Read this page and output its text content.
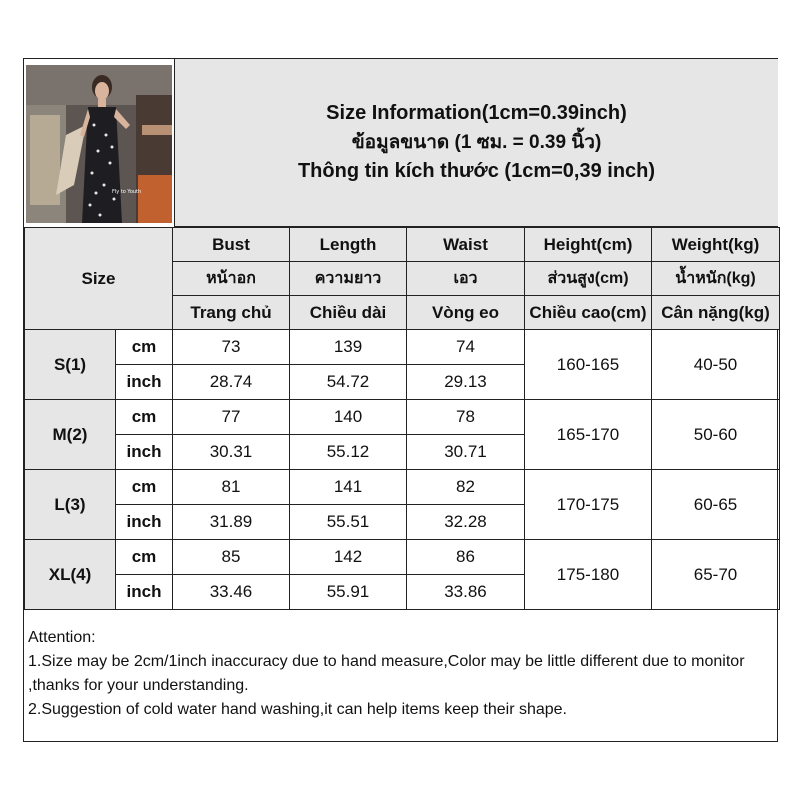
Fly to Youth
Size Information(1cm=0.39inch)
ข้อมูลขนาด (1 ซม. = 0.39 นิ้ว)
Thông tin kích thước (1cm=0,39 inch)
Size		Bust	Length	Waist	Height(cm)	Weight(kg)
		หน้าอก	ความยาว	เอว	ส่วนสูง(cm)	น้ำหนัก(kg)
		Trang chủ	Chiều dài	Vòng eo	Chiều cao(cm)	Cân nặng(kg)
S(1)	cm	73	139	74	160-165	40-50
	inch	28.74	54.72	29.13		
M(2)	cm	77	140	78	165-170	50-60
	inch	30.31	55.12	30.71		
L(3)	cm	81	141	82	170-175	60-65
	inch	31.89	55.51	32.28		
XL(4)	cm	85	142	86	175-180	65-70
	inch	33.46	55.91	33.86		
Attention:
1.Size may be 2cm/1inch inaccuracy due to hand measure,Color may be little different due to monitor ,thanks for your understanding.
2.Suggestion of cold water hand washing,it can help items keep their shape.
